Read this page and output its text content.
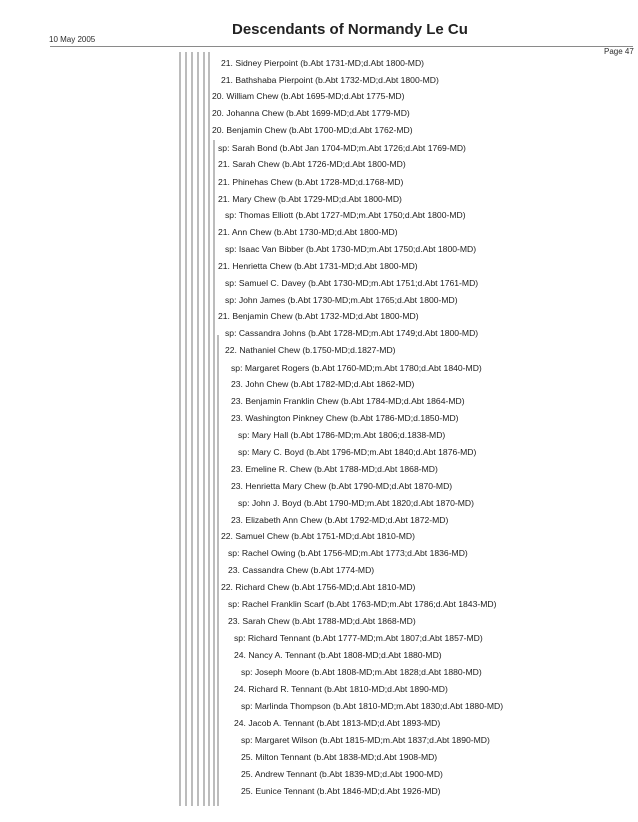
10 May 2005
Descendants of Normandy Le Cu
Page 47
21. Sidney Pierpoint (b.Abt 1731-MD;d.Abt 1800-MD)
21. Bathshaba Pierpoint (b.Abt 1732-MD;d.Abt 1800-MD)
20. William Chew (b.Abt 1695-MD;d.Abt 1775-MD)
20. Johanna Chew (b.Abt 1699-MD;d.Abt 1779-MD)
20. Benjamin Chew (b.Abt 1700-MD;d.Abt 1762-MD)
sp: Sarah Bond (b.Abt Jan 1704-MD;m.Abt 1726;d.Abt 1769-MD)
21. Sarah Chew (b.Abt 1726-MD;d.Abt 1800-MD)
21. Phinehas Chew (b.Abt 1728-MD;d.1768-MD)
21. Mary Chew (b.Abt 1729-MD;d.Abt 1800-MD)
sp: Thomas Elliott (b.Abt 1727-MD;m.Abt 1750;d.Abt 1800-MD)
21. Ann Chew (b.Abt 1730-MD;d.Abt 1800-MD)
sp: Isaac Van Bibber (b.Abt 1730-MD;m.Abt 1750;d.Abt 1800-MD)
21. Henrietta Chew (b.Abt 1731-MD;d.Abt 1800-MD)
sp: Samuel C. Davey (b.Abt 1730-MD;m.Abt 1751;d.Abt 1761-MD)
sp: John James (b.Abt 1730-MD;m.Abt 1765;d.Abt 1800-MD)
21. Benjamin Chew (b.Abt 1732-MD;d.Abt 1800-MD)
sp: Cassandra Johns (b.Abt 1728-MD;m.Abt 1749;d.Abt 1800-MD)
22. Nathaniel Chew (b.1750-MD;d.1827-MD)
sp: Margaret Rogers (b.Abt 1760-MD;m.Abt 1780;d.Abt 1840-MD)
23. John Chew (b.Abt 1782-MD;d.Abt 1862-MD)
23. Benjamin Franklin Chew (b.Abt 1784-MD;d.Abt 1864-MD)
23. Washington Pinkney Chew (b.Abt 1786-MD;d.1850-MD)
sp: Mary Hall (b.Abt 1786-MD;m.Abt 1806;d.1838-MD)
sp: Mary C. Boyd (b.Abt 1796-MD;m.Abt 1840;d.Abt 1876-MD)
23. Emeline R. Chew (b.Abt 1788-MD;d.Abt 1868-MD)
23. Henrietta Mary Chew (b.Abt 1790-MD;d.Abt 1870-MD)
sp: John J. Boyd (b.Abt 1790-MD;m.Abt 1820;d.Abt 1870-MD)
23. Elizabeth Ann Chew (b.Abt 1792-MD;d.Abt 1872-MD)
22. Samuel Chew (b.Abt 1751-MD;d.Abt 1810-MD)
sp: Rachel Owing (b.Abt 1756-MD;m.Abt 1773;d.Abt 1836-MD)
23. Cassandra Chew (b.Abt 1774-MD)
22. Richard Chew (b.Abt 1756-MD;d.Abt 1810-MD)
sp: Rachel Franklin Scarf (b.Abt 1763-MD;m.Abt 1786;d.Abt 1843-MD)
23. Sarah Chew (b.Abt 1788-MD;d.Abt 1868-MD)
sp: Richard Tennant (b.Abt 1777-MD;m.Abt 1807;d.Abt 1857-MD)
24. Nancy A. Tennant (b.Abt 1808-MD;d.Abt 1880-MD)
sp: Joseph Moore (b.Abt 1808-MD;m.Abt 1828;d.Abt 1880-MD)
24. Richard R. Tennant (b.Abt 1810-MD;d.Abt 1890-MD)
sp: Marlinda Thompson (b.Abt 1810-MD;m.Abt 1830;d.Abt 1880-MD)
24. Jacob A. Tennant (b.Abt 1813-MD;d.Abt 1893-MD)
sp: Margaret Wilson (b.Abt 1815-MD;m.Abt 1837;d.Abt 1890-MD)
25. Milton Tennant (b.Abt 1838-MD;d.Abt 1908-MD)
25. Andrew Tennant (b.Abt 1839-MD;d.Abt 1900-MD)
25. Eunice Tennant (b.Abt 1846-MD;d.Abt 1926-MD)
